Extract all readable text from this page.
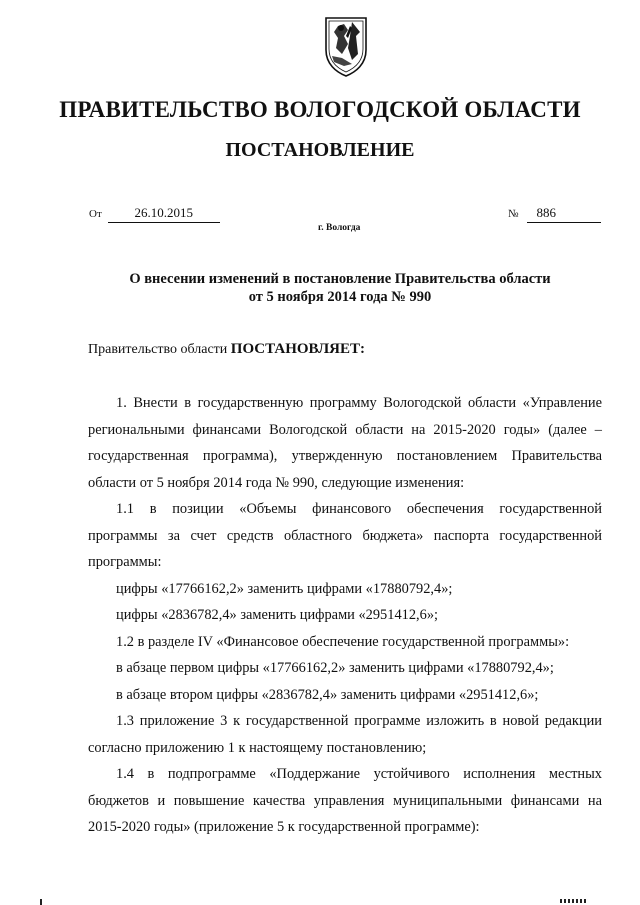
ПРАВИТЕЛЬСТВО ВОЛОГОДСКОЙ ОБЛАСТИ
ПОСТАНОВЛЕНИЕ
От	26.10.2015	№ 886
г. Вологда
О внесении изменений в постановление Правительства области
от 5 ноября 2014 года № 990

Правительство области ПОСТАНОВЛЯЕТ:

1. Внести в государственную программу Вологодской области «Управление региональными финансами Вологодской области на 2015-2020 годы» (далее – государственная программа), утвержденную постановлением Правительства области от 5 ноября 2014 года № 990, следующие изменения:

1.1 в позиции «Объемы финансового обеспечения государственной программы за счет средств областного бюджета» паспорта государственной программы:

цифры «17766162,2» заменить цифрами «17880792,4»;

цифры «2836782,4» заменить цифрами «2951412,6»;

1.2 в разделе IV «Финансовое обеспечение государственной программы»:

в абзаце первом цифры «17766162,2» заменить цифрами «17880792,4»;

в абзаце втором цифры «2836782,4» заменить цифрами «2951412,6»;

1.3 приложение 3 к государственной программе изложить в новой редакции согласно приложению 1 к настоящему постановлению;

1.4 в подпрограмме «Поддержание устойчивого исполнения местных бюджетов и повышение качества управления муниципальными финансами на 2015-2020 годы» (приложение 5 к государственной программе):
